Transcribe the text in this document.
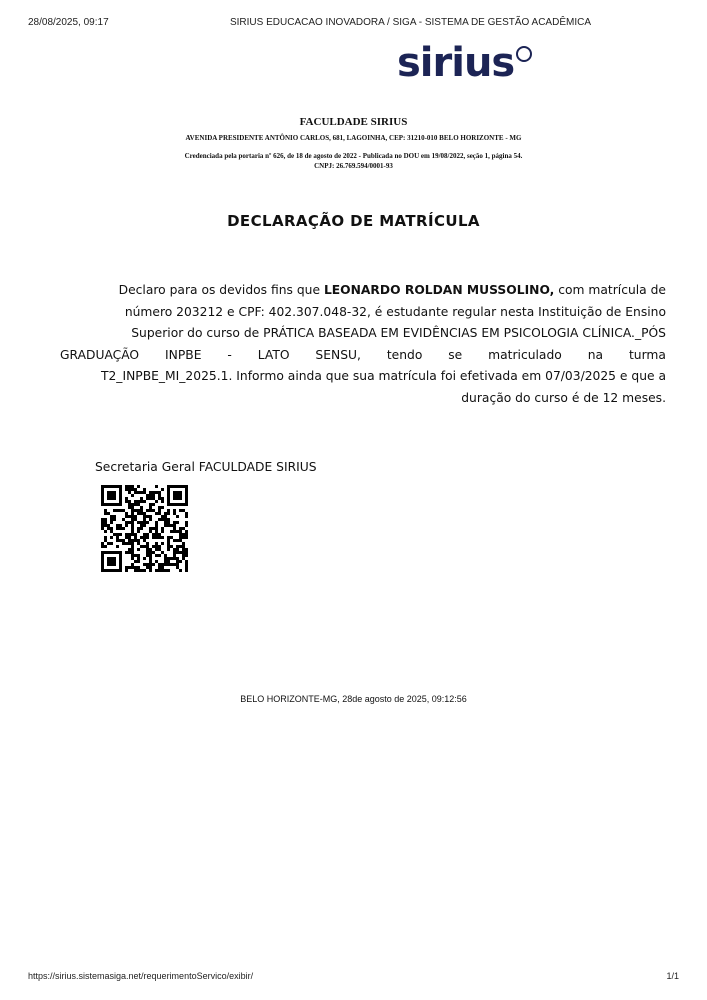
28/08/2025, 09:17	SIRIUS EDUCACAO INOVADORA / SIGA - SISTEMA DE GESTÃO ACADÊMICA
sirius
FACULDADE SIRIUS
AVENIDA PRESIDENTE ANTÔNIO CARLOS, 681, LAGOINHA, CEP: 31210-010 BELO HORIZONTE - MG
Credenciada pela portaria nº 626, de 18 de agosto de 2022 - Publicada no DOU em 19/08/2022, seção 1, página 54.
CNPJ: 26.769.594/0001-93
DECLARAÇÃO DE MATRÍCULA
Declaro para os devidos fins que LEONARDO ROLDAN MUSSOLINO, com matrícula de
número 203212 e CPF: 402.307.048-32, é estudante regular nesta Instituição de Ensino
Superior do curso de PRÁTICA BASEADA EM EVIDÊNCIAS EM PSICOLOGIA CLÍNICA._PÓS
GRADUAÇÃO INPBE - LATO SENSU, tendo se matriculado na turma
T2_INPBE_MI_2025.1. Informo ainda que sua matrícula foi efetivada em 07/03/2025 e que a
duração do curso é de 12 meses.
Secretaria Geral FACULDADE SIRIUS
BELO HORIZONTE-MG, 28de agosto de 2025, 09:12:56
https://sirius.sistemasiga.net/requerimentoServico/exibir/	1/1
